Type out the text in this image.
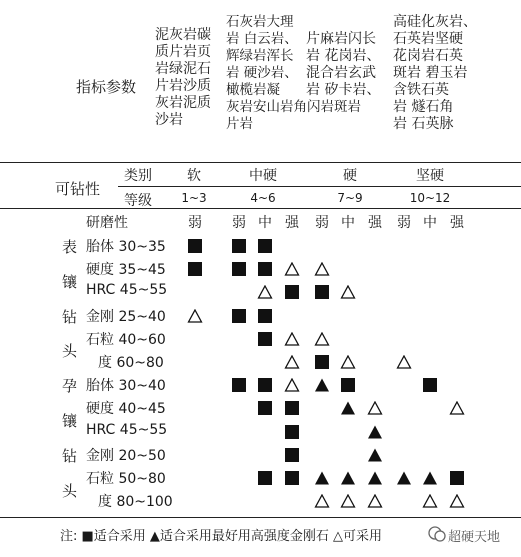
指标参数
泥灰岩碳
质片岩页
岩绿泥石
片岩沙质
灰岩泥质
沙岩
石灰岩大理
岩 白云岩、
辉绿岩浑长
岩 硬沙岩、
橄榄岩凝
灰岩安山岩角闪岩斑岩
片岩

片麻岩闪长
岩 花岗岩、
混合岩玄武
岩 矽卡岩、
高硅化灰岩、
石英岩坚硬
花岗岩石英
斑岩 碧玉岩
含铁石英
岩 燧石角
岩 石英脉
可钻性
类别
等级
软
1~3
中硬
4~6
硬
7~9
坚硬
10~12
研磨性	弱 弱 中 强 弱 中 强 弱 中 强
表
镶
钻
头
胎体 30~35
硬度 35~45
HRC 45~55
金刚 25~40
石粒 40~60
度 60~80
孕
镶
钻
头
胎体 30~40
硬度 40~45
HRC 45~55
金刚 20~50
石粒 50~80
度 80~100
注: ■适合采用 ▲适合采用最好用高强度金刚石 △可采用	超硬天地
